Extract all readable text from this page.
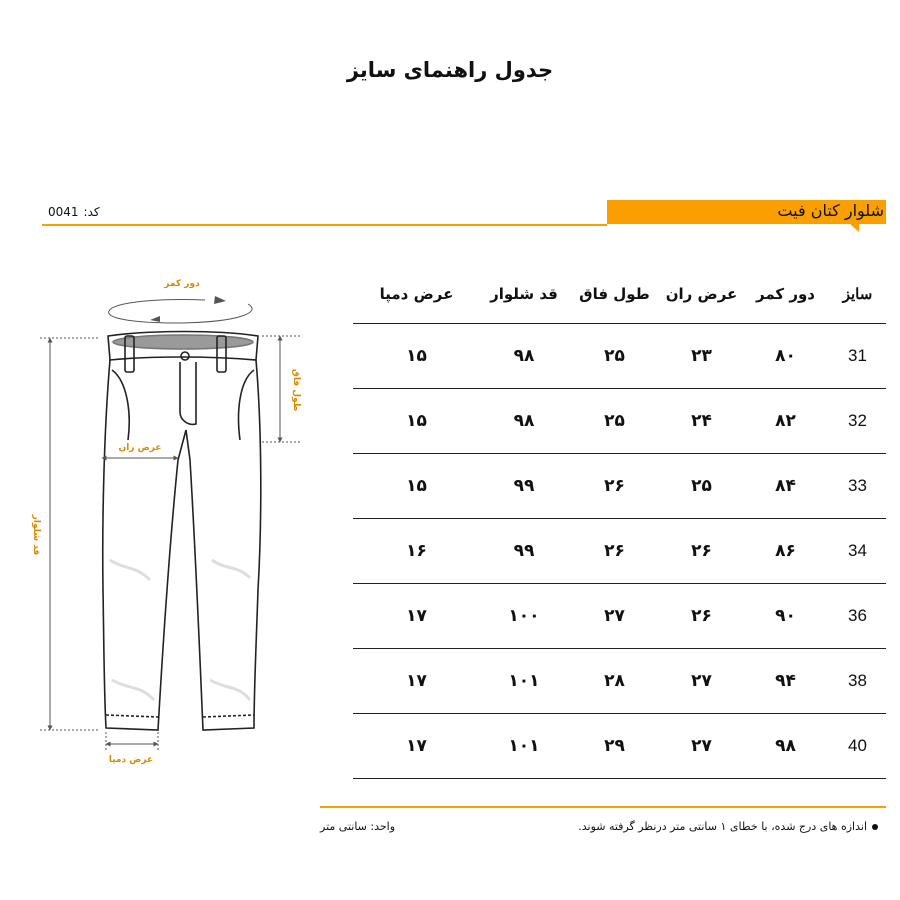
جدول راهنمای سایز
شلوار کتان فیت
کد:
0041
دور کمر
عرض ران
عرض دمپا
طول فاق
قد شلوار
سایز
دور کمر
عرض ران
طول فاق
قد شلوار
عرض دمپا
31
۸۰
۲۳
۲۵
۹۸
۱۵
32
۸۲
۲۴
۲۵
۹۸
۱۵
33
۸۴
۲۵
۲۶
۹۹
۱۵
34
۸۶
۲۶
۲۶
۹۹
۱۶
36
۹۰
۲۶
۲۷
۱۰۰
۱۷
38
۹۴
۲۷
۲۸
۱۰۱
۱۷
40
۹۸
۲۷
۲۹
۱۰۱
۱۷
اندازه های درج شده، با خطای ۱ سانتی متر درنظر گرفته شوند.
واحد: سانتی متر
